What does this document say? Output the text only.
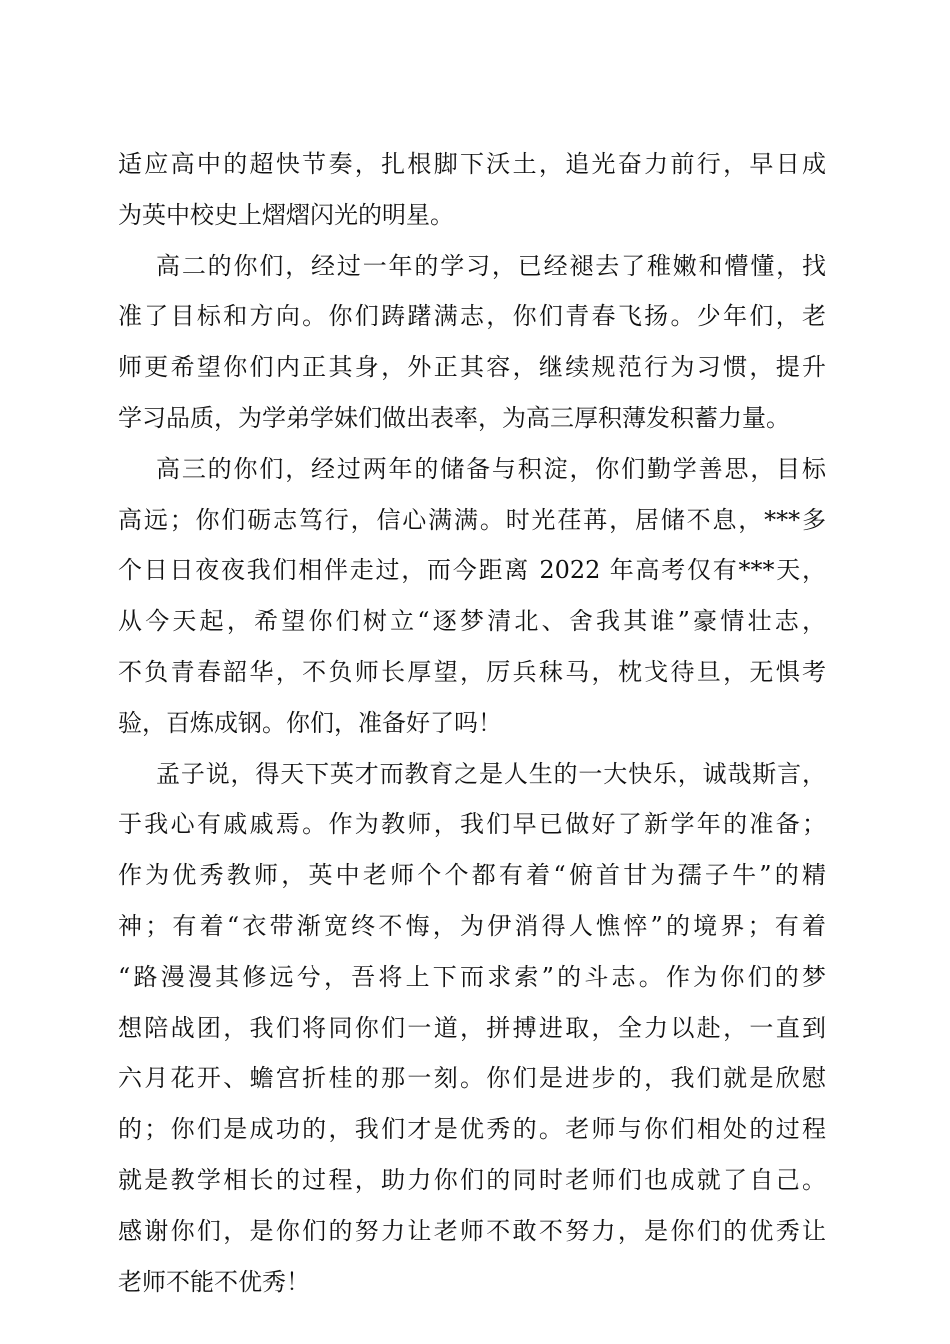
适应高中的超快节奏，扎根脚下沃土，追光奋力前行，早日成
为英中校史上熠熠闪光的明星。
高二的你们，经过一年的学习，已经褪去了稚嫩和懵懂，找
准了目标和方向。你们踌躇满志，你们青春飞扬。少年们，老
师更希望你们内正其身，外正其容，继续规范行为习惯，提升
学习品质，为学弟学妹们做出表率，为高三厚积薄发积蓄力量。
高三的你们，经过两年的储备与积淀，你们勤学善思，目标
高远；你们砺志笃行，信心满满。时光荏苒，居储不息，***多
个日日夜夜我们相伴走过，而今距离 2022 年高考仅有***天，
从今天起，希望你们树立“逐梦清北、舍我其谁”豪情壮志，
不负青春韶华，不负师长厚望，厉兵秣马，枕戈待旦，无惧考
验，百炼成钢。你们，准备好了吗！
孟子说，得天下英才而教育之是人生的一大快乐，诚哉斯言，
于我心有戚戚焉。作为教师，我们早已做好了新学年的准备；
作为优秀教师，英中老师个个都有着“俯首甘为孺子牛”的精
神；有着“衣带渐宽终不悔，为伊消得人憔悴”的境界；有着
“路漫漫其修远兮，吾将上下而求索”的斗志。作为你们的梦
想陪战团，我们将同你们一道，拼搏进取，全力以赴，一直到
六月花开、蟾宫折桂的那一刻。你们是进步的，我们就是欣慰
的；你们是成功的，我们才是优秀的。老师与你们相处的过程
就是教学相长的过程，助力你们的同时老师们也成就了自己。
感谢你们，是你们的努力让老师不敢不努力，是你们的优秀让
老师不能不优秀！
